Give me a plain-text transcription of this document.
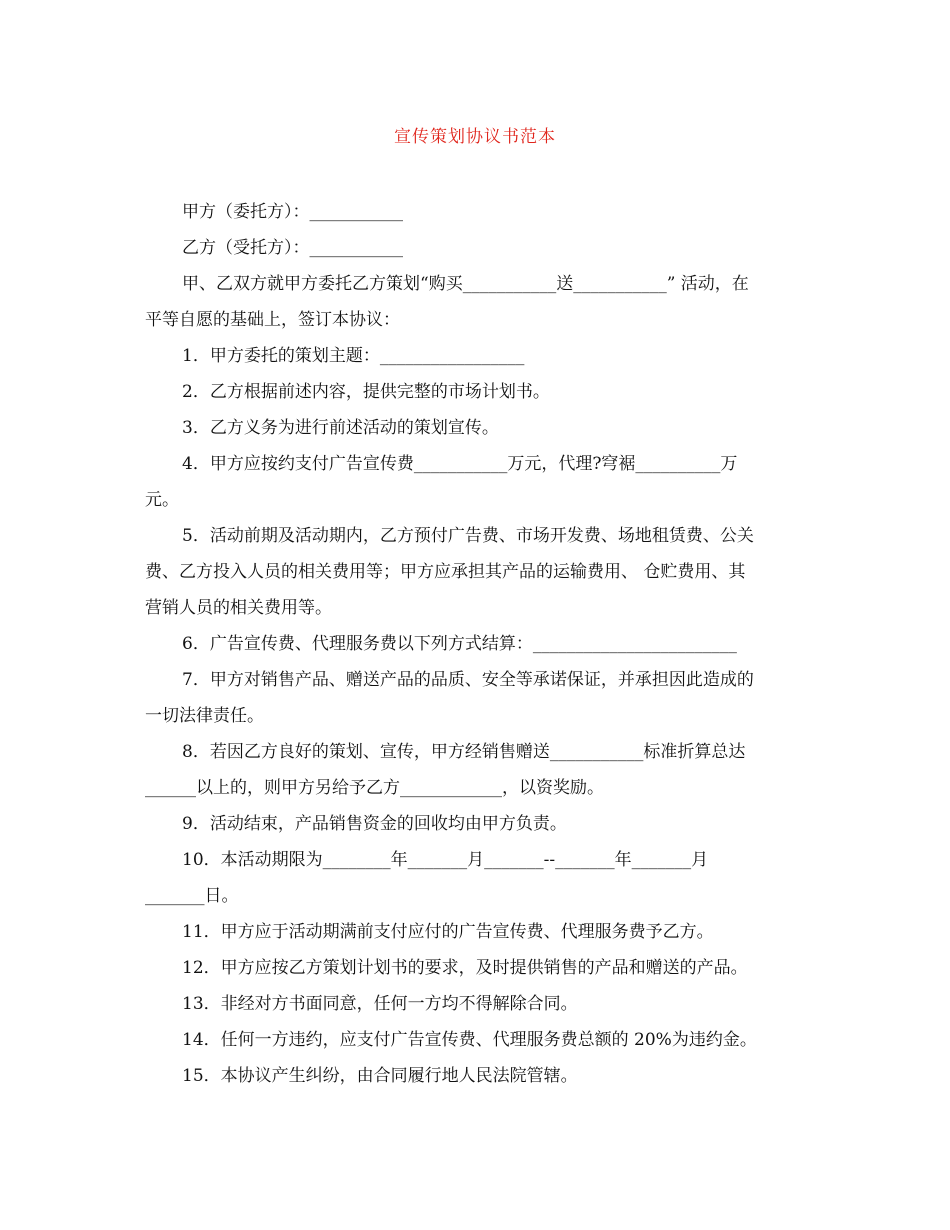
宣传策划协议书范本
甲方（委托方）：___________
乙方（受托方）：___________
甲、乙双方就甲方委托乙方策划“购买___________送___________” 活动，在
平等自愿的基础上，签订本协议：
1．甲方委托的策划主题：_________________
2．乙方根据前述内容，提供完整的市场计划书。
3．乙方义务为进行前述活动的策划宣传。
4．甲方应按约支付广告宣传费___________万元，代理?穹裾__________万
元。
5．活动前期及活动期内，乙方预付广告费、市场开发费、场地租赁费、公关
费、乙方投入人员的相关费用等；甲方应承担其产品的运输费用、 仓贮费用、其
营销人员的相关费用等。
6．广告宣传费、代理服务费以下列方式结算：________________________
7．甲方对销售产品、赠送产品的品质、安全等承诺保证，并承担因此造成的
一切法律责任。
8．若因乙方良好的策划、宣传，甲方经销售赠送___________标准折算总达
______以上的，则甲方另给予乙方____________，以资奖励。
9．活动结束，产品销售资金的回收均由甲方负责。
10．本活动期限为________年_______月_______--_______年_______月
_______日。
11．甲方应于活动期满前支付应付的广告宣传费、代理服务费予乙方。
12．甲方应按乙方策划计划书的要求，及时提供销售的产品和赠送的产品。
13．非经对方书面同意，任何一方均不得解除合同。
14．任何一方违约，应支付广告宣传费、代理服务费总额的 20%为违约金。
15．本协议产生纠纷，由合同履行地人民法院管辖。
